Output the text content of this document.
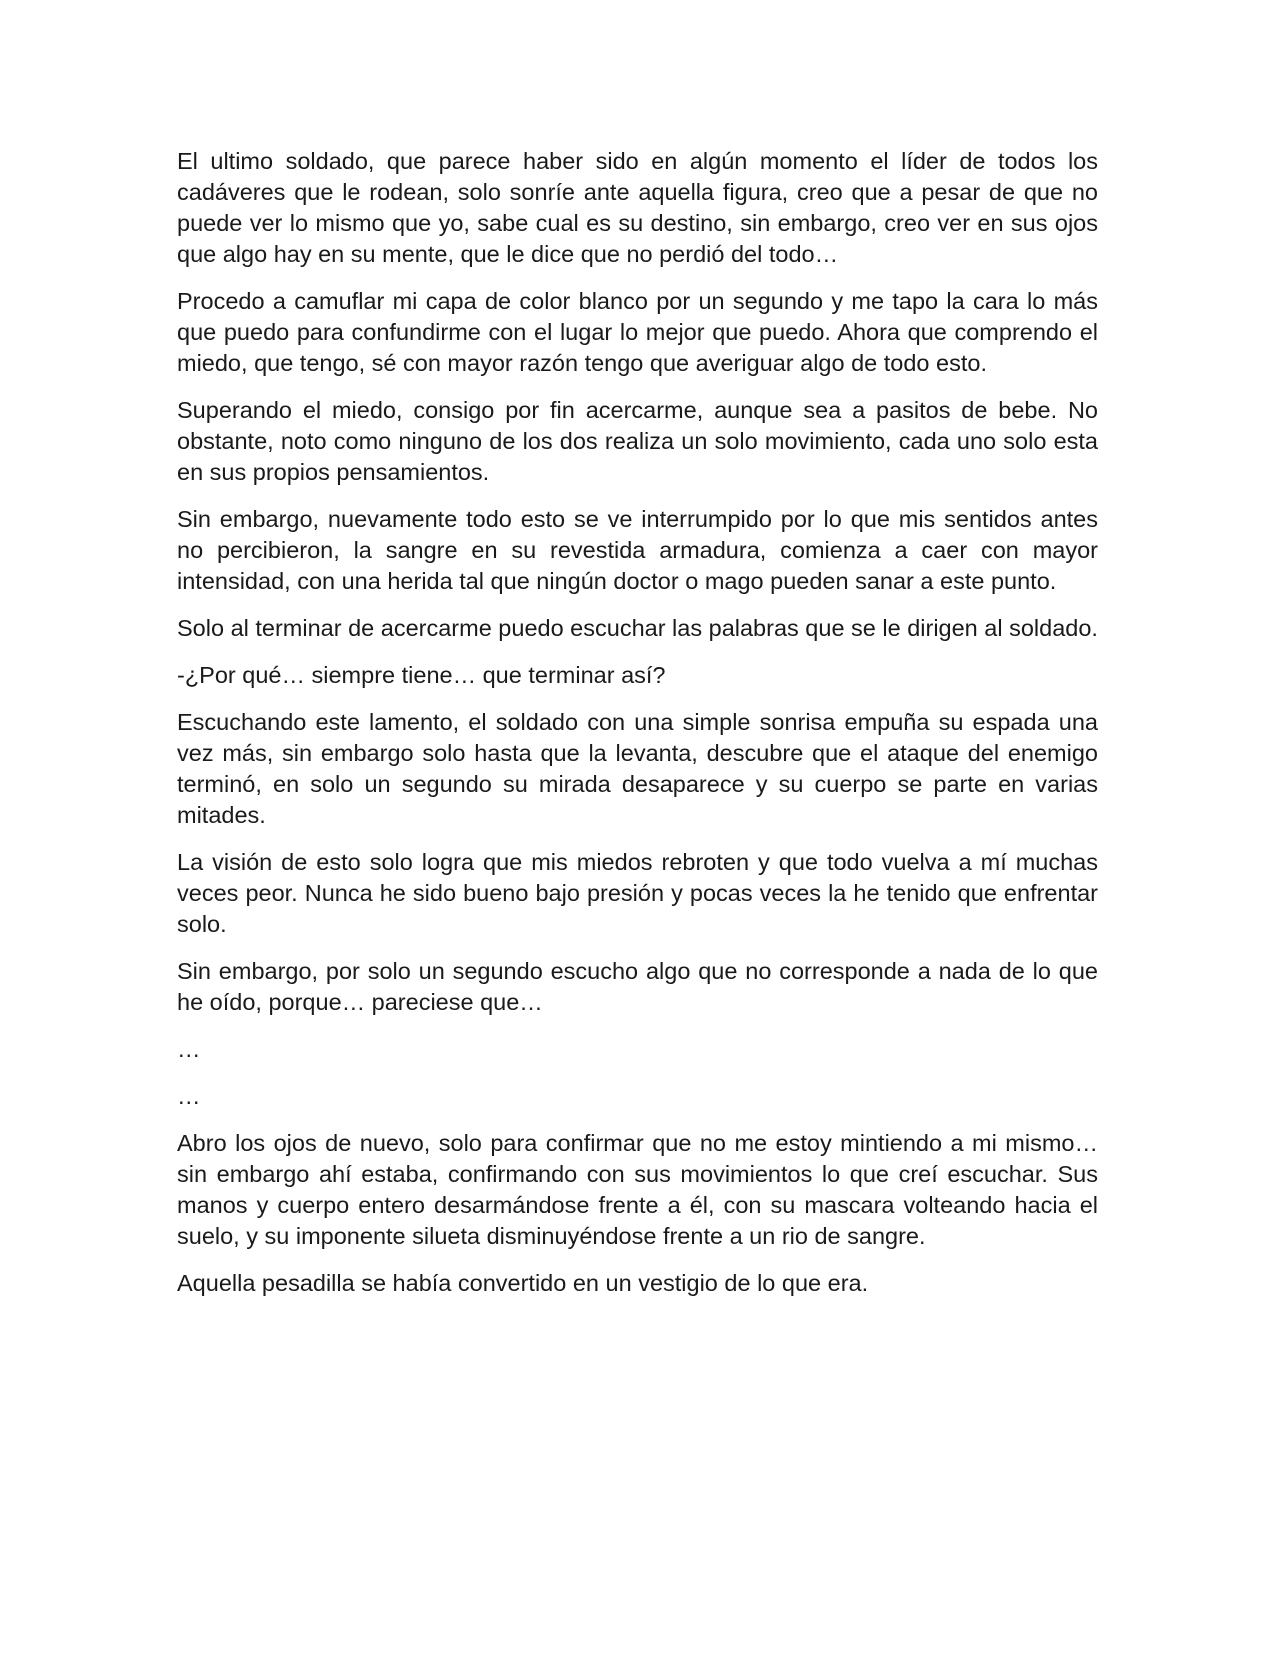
El ultimo soldado, que parece haber sido en algún momento el líder de todos los cadáveres que le rodean, solo sonríe ante aquella figura, creo que a pesar de que no puede ver lo mismo que yo, sabe cual es su destino, sin embargo, creo ver en sus ojos que algo hay en su mente, que le dice que no perdió del todo…

Procedo a camuflar mi capa de color blanco por un segundo y me tapo la cara lo más que puedo para confundirme con el lugar lo mejor que puedo. Ahora que comprendo el miedo, que tengo, sé con mayor razón tengo que averiguar algo de todo esto.

Superando el miedo, consigo por fin acercarme, aunque sea a pasitos de bebe. No obstante, noto como ninguno de los dos realiza un solo movimiento, cada uno solo esta en sus propios pensamientos.

Sin embargo, nuevamente todo esto se ve interrumpido por lo que mis sentidos antes no percibieron, la sangre en su revestida armadura, comienza a caer con mayor intensidad, con una herida tal que ningún doctor o mago pueden sanar a este punto.

Solo al terminar de acercarme puedo escuchar las palabras que se le dirigen al soldado.

-¿Por qué… siempre tiene… que terminar así?

Escuchando este lamento, el soldado con una simple sonrisa empuña su espada una vez más, sin embargo solo hasta que la levanta, descubre que el ataque del enemigo terminó, en solo un segundo su mirada desaparece y su cuerpo se parte en varias mitades.

La visión de esto solo logra que mis miedos rebroten y que todo vuelva a mí muchas veces peor. Nunca he sido bueno bajo presión y pocas veces la he tenido que enfrentar solo.

Sin embargo, por solo un segundo escucho algo que no corresponde a nada de lo que he oído, porque… pareciese que…

…

…

Abro los ojos de nuevo, solo para confirmar que no me estoy mintiendo a mi mismo…sin embargo ahí estaba, confirmando con sus movimientos lo que creí escuchar. Sus manos y cuerpo entero desarmándose frente a él, con su mascara volteando hacia el suelo, y su imponente silueta disminuyéndose frente a un rio de sangre.

Aquella pesadilla se había convertido en un vestigio de lo que era.
